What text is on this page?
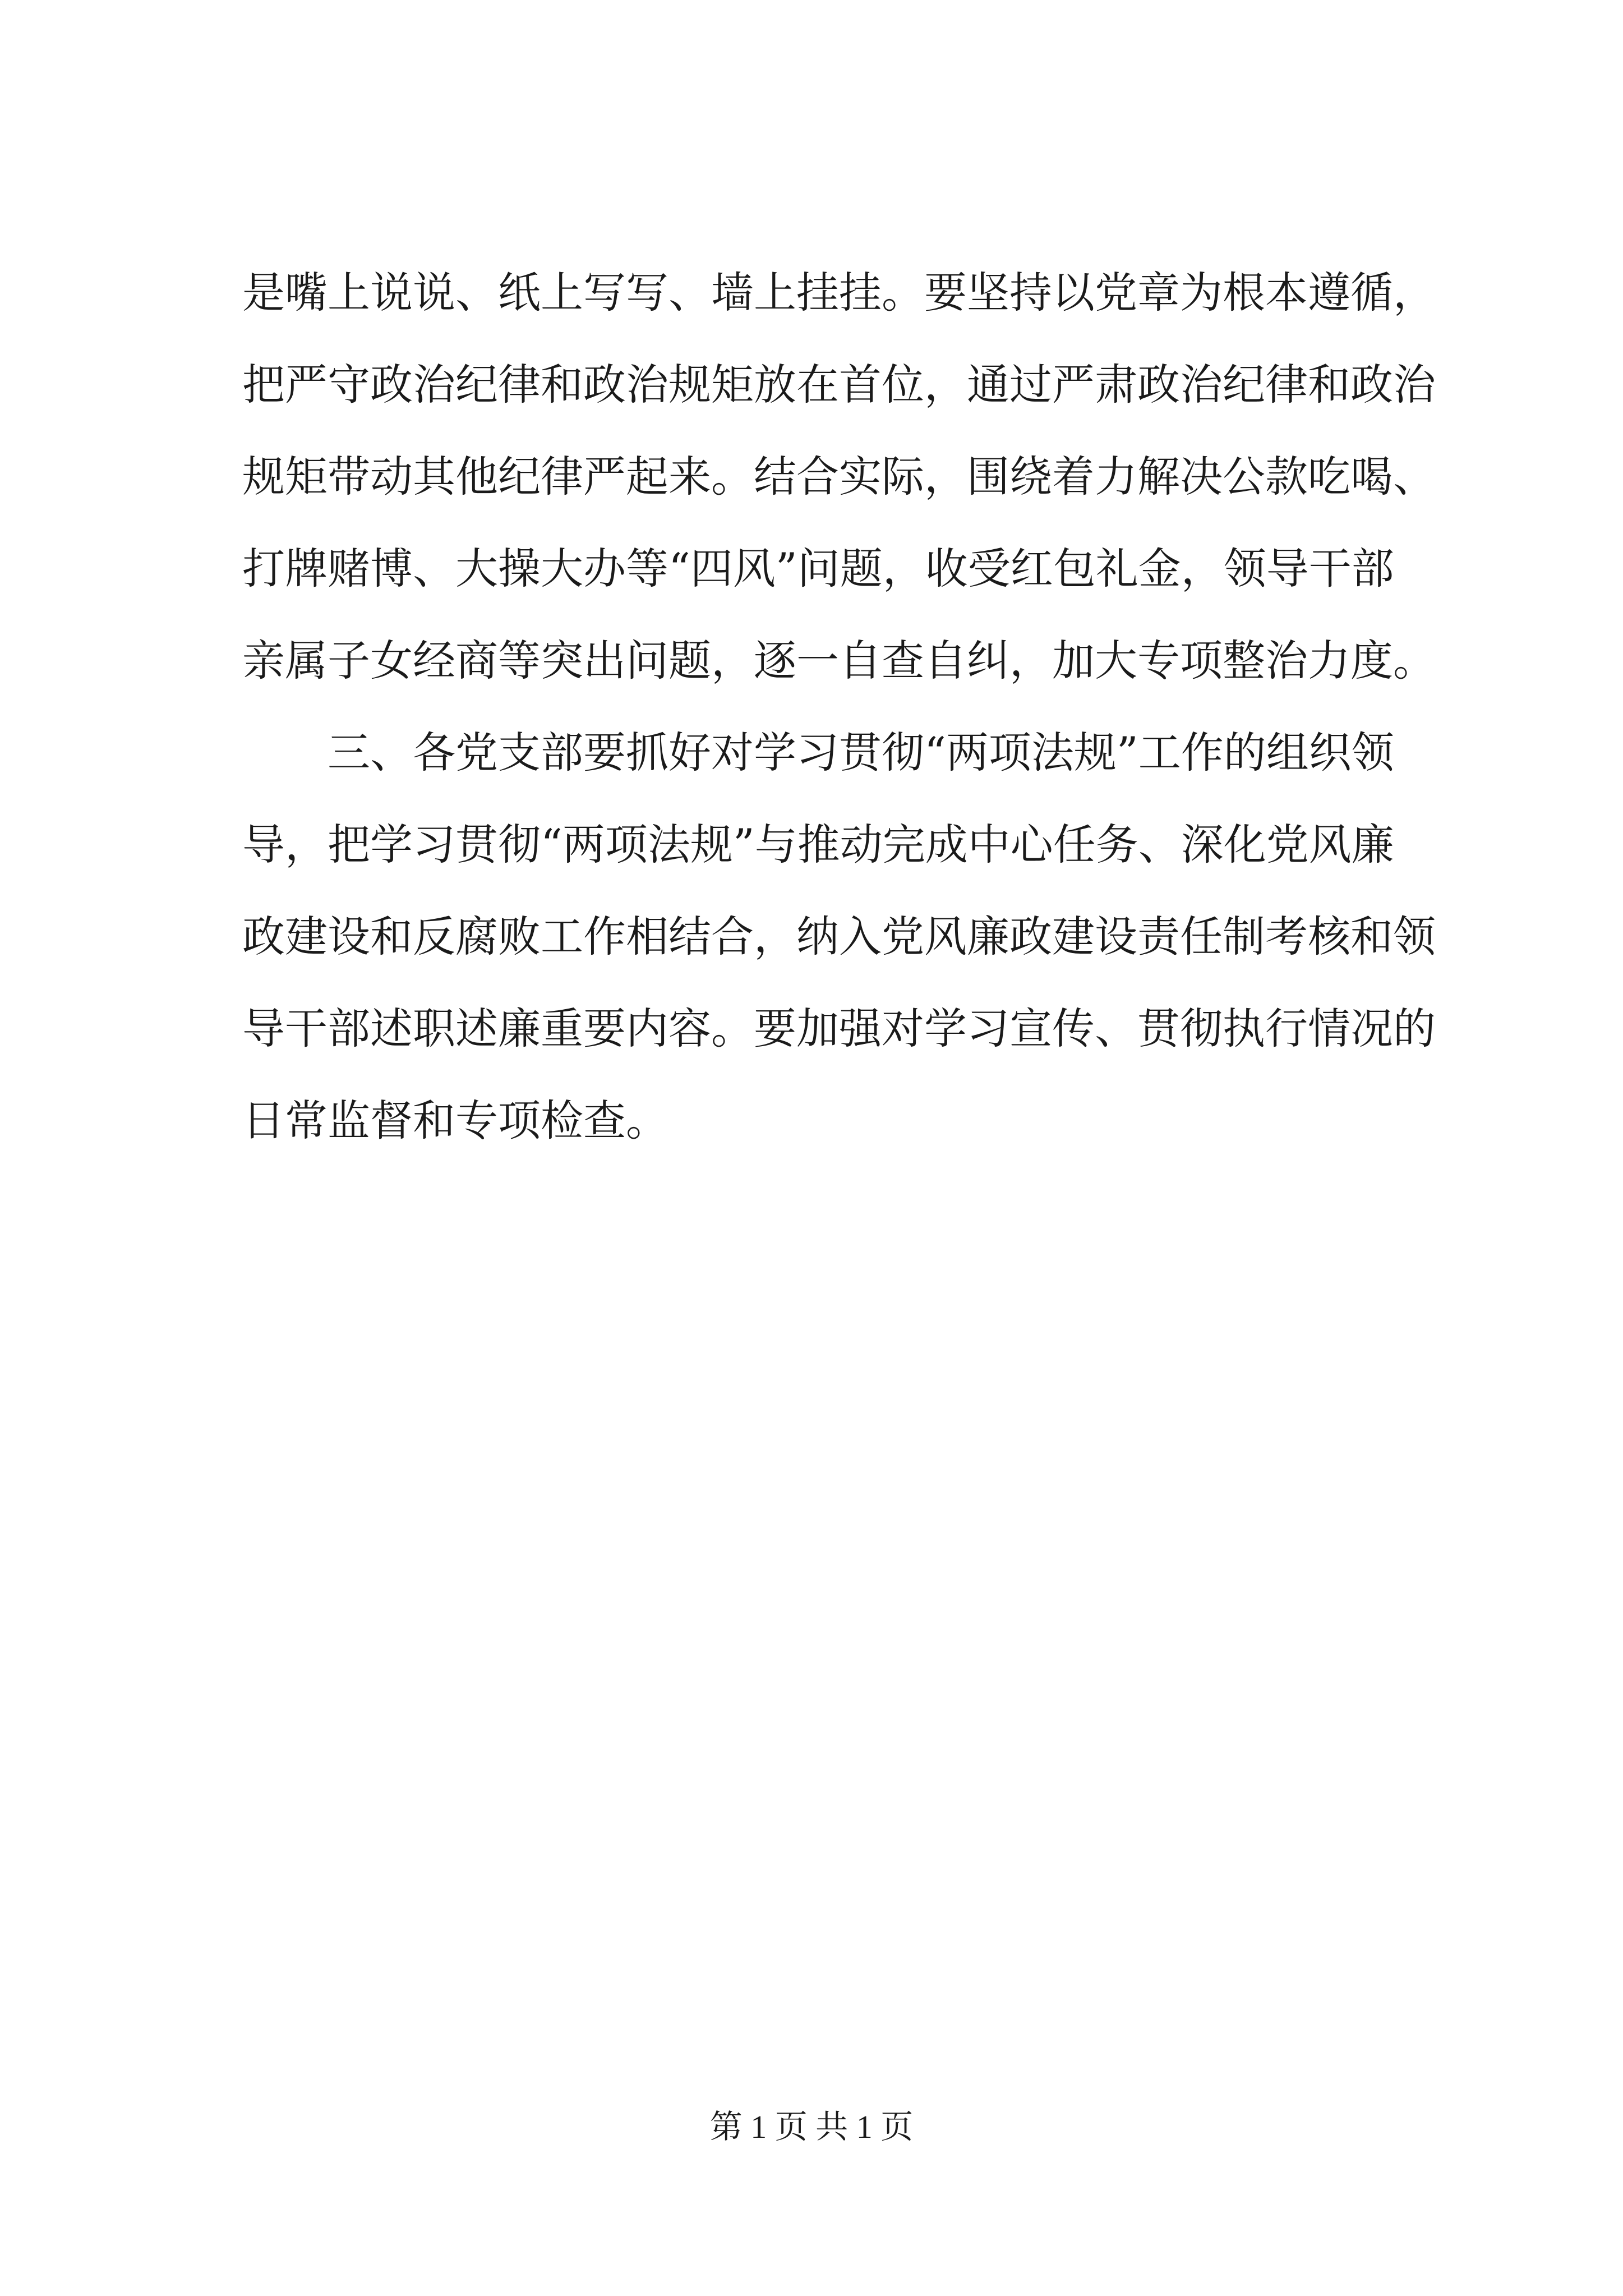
是嘴上说说、纸上写写、墙上挂挂。要坚持以党章为根本遵循，
把严守政治纪律和政治规矩放在首位，通过严肃政治纪律和政治
规矩带动其他纪律严起来。结合实际，围绕着力解决公款吃喝、
打牌赌博、大操大办等“四风”问题，收受红包礼金，领导干部
亲属子女经商等突出问题，逐一自查自纠，加大专项整治力度。
　　三、各党支部要抓好对学习贯彻“两项法规”工作的组织领
导，把学习贯彻“两项法规”与推动完成中心任务、深化党风廉
政建设和反腐败工作相结合，纳入党风廉政建设责任制考核和领
导干部述职述廉重要内容。要加强对学习宣传、贯彻执行情况的
日常监督和专项检查。
第 1 页 共 1 页
